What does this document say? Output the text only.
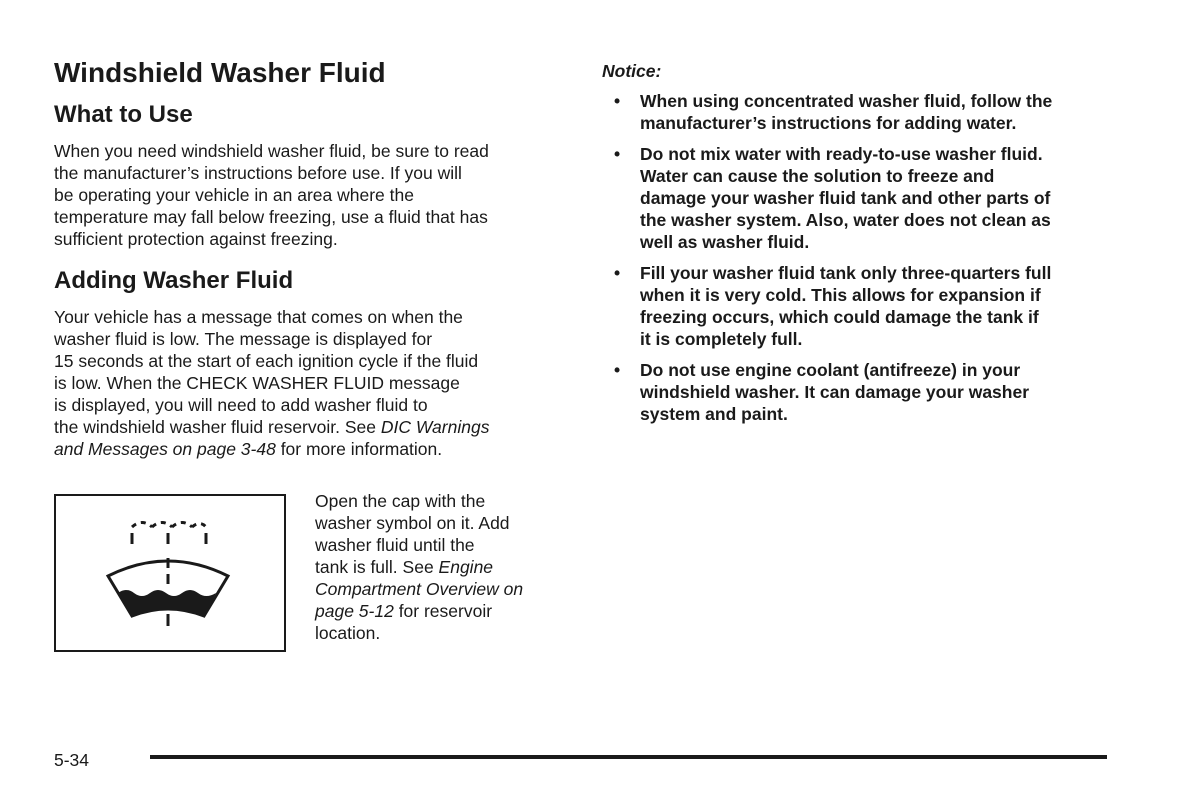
Windshield Washer Fluid
What to Use

When you need windshield washer fluid, be sure to read
the manufacturer’s instructions before use. If you will
be operating your vehicle in an area where the
temperature may fall below freezing, use a fluid that has
sufficient protection against freezing.

Adding Washer Fluid

Your vehicle has a message that comes on when the
washer fluid is low. The message is displayed for
15 seconds at the start of each ignition cycle if the fluid
is low. When the CHECK WASHER FLUID message
is displayed, you will need to add washer fluid to
the windshield washer fluid reservoir. See DIC Warnings
and Messages on page 3-48 for more information.

Open the cap with the
washer symbol on it. Add
washer fluid until the
tank is full. See Engine
Compartment Overview on
page 5-12 for reservoir
location.

Notice:
• When using concentrated washer fluid, follow the
manufacturer’s instructions for adding water.
• Do not mix water with ready-to-use washer fluid.
Water can cause the solution to freeze and
damage your washer fluid tank and other parts of
the washer system. Also, water does not clean as
well as washer fluid.
• Fill your washer fluid tank only three-quarters full
when it is very cold. This allows for expansion if
freezing occurs, which could damage the tank if
it is completely full.
• Do not use engine coolant (antifreeze) in your
windshield washer. It can damage your washer
system and paint.
5-34
